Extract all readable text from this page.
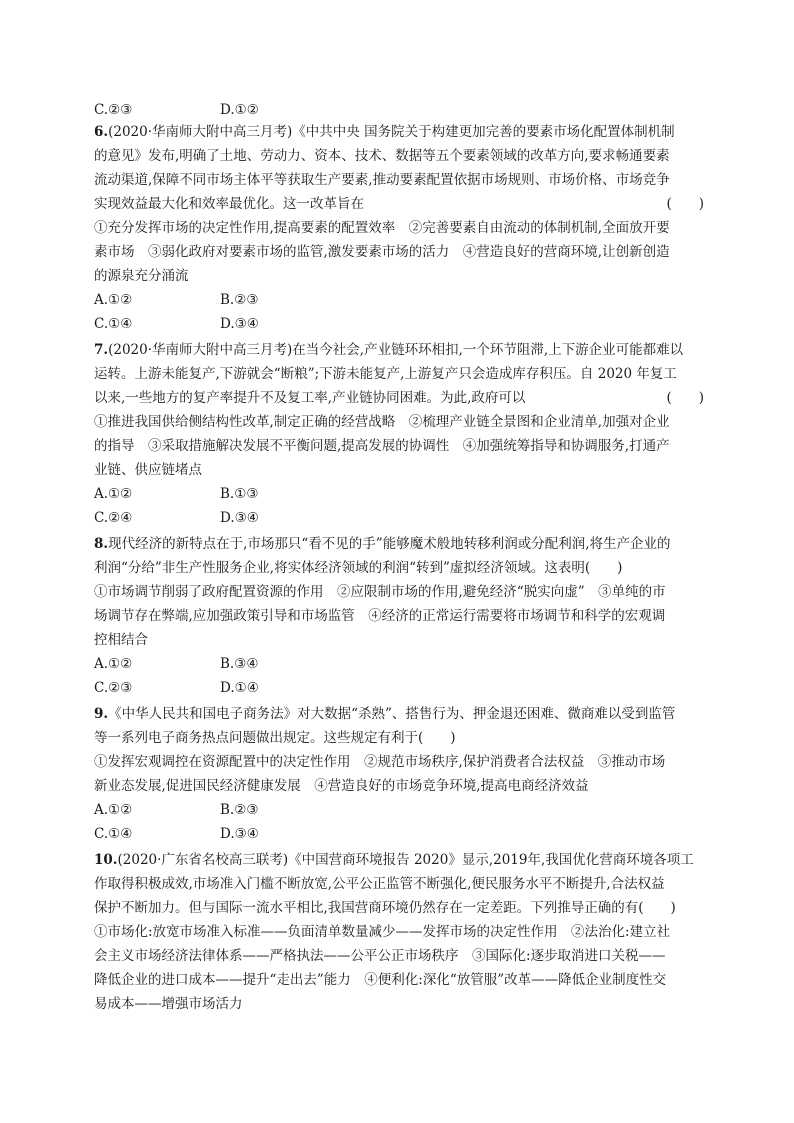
C.②③	D.①②
6.(2020·华南师大附中高三月考)《中共中央 国务院关于构建更加完善的要素市场化配置体制机制
的意见》发布,明确了土地、劳动力、资本、技术、数据等五个要素领域的改革方向,要求畅通要素
流动渠道,保障不同市场主体平等获取生产要素,推动要素配置依据市场规则、市场价格、市场竞争
实现效益最大化和效率最优化。这一改革旨在	(　　)
①充分发挥市场的决定性作用,提高要素的配置效率　②完善要素自由流动的体制机制,全面放开要
素市场　③弱化政府对要素市场的监管,激发要素市场的活力　④营造良好的营商环境,让创新创造
的源泉充分涌流
A.①②	B.②③
C.①④	D.③④
7.(2020·华南师大附中高三月考)在当今社会,产业链环环相扣,一个环节阻滞,上下游企业可能都难以
运转。上游未能复产,下游就会“断粮”;下游未能复产,上游复产只会造成库存积压。自 2020 年复工
以来,一些地方的复产率提升不及复工率,产业链协同困难。为此,政府可以	(　　)
①推进我国供给侧结构性改革,制定正确的经营战略　②梳理产业链全景图和企业清单,加强对企业
的指导　③采取措施解决发展不平衡问题,提高发展的协调性　④加强统筹指导和协调服务,打通产
业链、供应链堵点
A.①②	B.①③
C.②④	D.③④
8.现代经济的新特点在于,市场那只“看不见的手”能够魔术般地转移利润或分配利润,将生产企业的
利润“分给”非生产性服务企业,将实体经济领域的利润“转到”虚拟经济领域。这表明(　　)
①市场调节削弱了政府配置资源的作用　②应限制市场的作用,避免经济“脱实向虚”　③单纯的市
场调节存在弊端,应加强政策引导和市场监管　④经济的正常运行需要将市场调节和科学的宏观调
控相结合
A.①②	B.③④
C.②③	D.①④
9.《中华人民共和国电子商务法》对大数据“杀熟”、搭售行为、押金退还困难、微商难以受到监管
等一系列电子商务热点问题做出规定。这些规定有利于(　　)
①发挥宏观调控在资源配置中的决定性作用　②规范市场秩序,保护消费者合法权益　③推动市场
新业态发展,促进国民经济健康发展　④营造良好的市场竞争环境,提高电商经济效益
A.①②	B.②③
C.①④	D.③④
10.(2020·广东省名校高三联考)《中国营商环境报告 2020》显示,2019年,我国优化营商环境各项工
作取得积极成效,市场准入门槛不断放宽,公平公正监管不断强化,便民服务水平不断提升,合法权益
保护不断加力。但与国际一流水平相比,我国营商环境仍然存在一定差距。下列推导正确的有(　　)
①市场化:放宽市场准入标准——负面清单数量减少——发挥市场的决定性作用　②法治化:建立社
会主义市场经济法律体系——严格执法——公平公正市场秩序　③国际化:逐步取消进口关税——
降低企业的进口成本——提升“走出去”能力　④便利化:深化“放管服”改革——降低企业制度性交
易成本——增强市场活力
